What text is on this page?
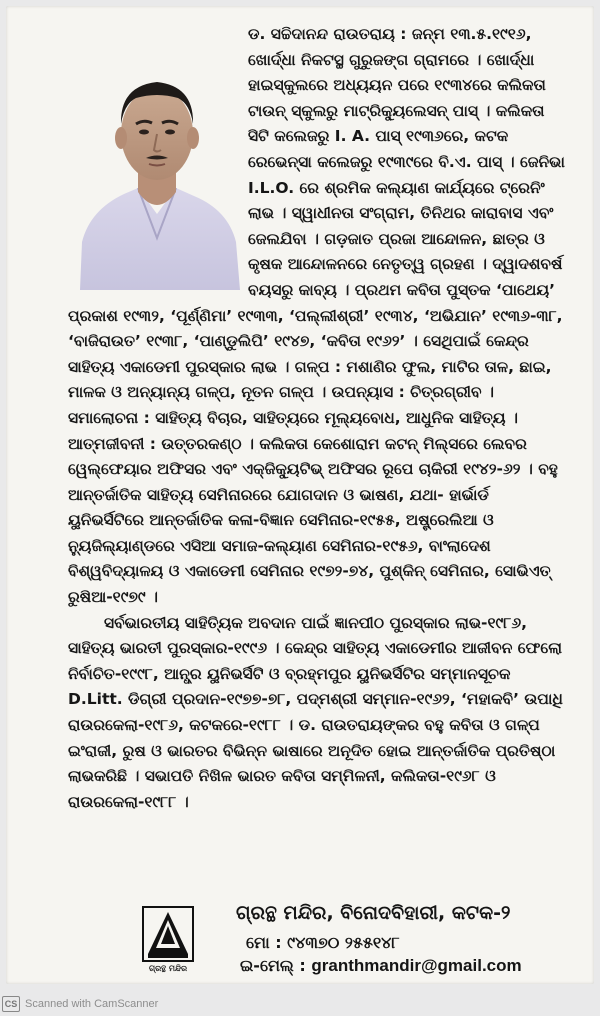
ଡ. ସଚ୍ଚିଦାନନ୍ଦ ରାଉତରାୟ : ଜନ୍ମ ୧୩.୫.୧୯୧୬, ଖୋର୍ଦ୍ଧା ନିକଟସ୍ଥ ଗୁରୁଜଙ୍ଗ ଗ୍ରାମରେ । ଖୋର୍ଦ୍ଧା ହାଇସ୍କୁଲରେ ଅଧ୍ୟୟନ ପରେ ୧୯୩୪ରେ କଲିକତା ଟାଉନ୍ ସ୍କୁଲରୁ ମାଟ୍ରିକ୍ୟୁଲେସନ୍ ପାସ୍ । କଲିକତା ସିଟି କଲେଜରୁ I. A. ପାସ୍ ୧୯୩୬ରେ, କଟକ ରେଭେନ୍ସା କଲେଜରୁ ୧୯୩୯ରେ ବି.ଏ. ପାସ୍ । ଜେନିଭା I.L.O. ରେ ଶ୍ରମିକ କଲ୍ୟାଣ କାର୍ଯ୍ୟରେ ଟ୍ରେନିଂ ଲାଭ । ସ୍ୱାଧୀନତା ସଂଗ୍ରାମ, ତିନିଥର କାରାବାସ ଏବଂ ଜେଲଯିବା । ଗଡ଼ଜାତ ପ୍ରଜା ଆନ୍ଦୋଳନ, ଛାତ୍ର ଓ କୃଷକ ଆନ୍ଦୋଳନରେ ନେତୃତ୍ୱ ଗ୍ରହଣ । ଦ୍ୱାଦଶବର୍ଷ ବୟସରୁ କାବ୍ୟ । ପ୍ରଥମ କବିତା ପୁସ୍ତକ ‘ପାଥେୟ’ ପ୍ରକାଶ ୧୯୩୨, ‘ପୂର୍ଣ୍ଣିମା’ ୧୯୩୩, ‘ପଲ୍ଲୀଶ୍ରୀ’ ୧୯୩୪, ‘ଅଭିଯାନ’ ୧୯୩୬-୩୮, ‘ବାଜିରାଉତ’ ୧୯୩୮, ‘ପାଣ୍ଡୁଲିପି’ ୧୯୪୭, ‘କବିତା ୧୯୬୨’ । ସେଥିପାଇଁ କେନ୍ଦ୍ର ସାହିତ୍ୟ ଏକାଡେମୀ ପୁରସ୍କାର ଲାଭ । ଗଳ୍ପ : ମଶାଣିର ଫୁଲ, ମାଟିର ତାଳ, ଛାଇ, ମାଳକ ଓ ଅନ୍ୟାନ୍ୟ ଗଳ୍ପ, ନୂତନ ଗଳ୍ପ । ଉପନ୍ୟାସ : ଚିତ୍ରଗ୍ରୀବ । ସମାଲୋଚନା : ସାହିତ୍ୟ ବିଚାର, ସାହିତ୍ୟରେ ମୂଲ୍ୟବୋଧ, ଆଧୁନିକ ସାହିତ୍ୟ । ଆତ୍ମଜୀବନୀ : ଉତ୍ତରକଣ୍ଠ । କଲିକତା କେଶୋରାମ କଟନ୍ ମିଲ୍ସରେ ଲେବର ୱେଲ୍ଫେୟାର ଅଫିସର ଏବଂ ଏକ୍ଜିକ୍ୟୁଟିଭ୍ ଅଫିସର ରୂପେ ଚାକିରୀ ୧୯୪୨-୬୨ । ବହୁ ଆନ୍ତର୍ଜାତିକ ସାହିତ୍ୟ ସେମିନାରରେ ଯୋଗଦାନ ଓ ଭାଷଣ, ଯଥା- ହାର୍ଭାର୍ଡ ୟୁନିଭର୍ସିଟିରେ ଆନ୍ତର୍ଜାତିକ କଳା-ବିଜ୍ଞାନ ସେମିନାର-୧୯୫୫, ଅଷ୍ଟ୍ରେଲିଆ ଓ ନ୍ୟୁଜିଲ୍ୟାଣ୍ଡରେ ଏସିଆ ସମାଜ-କଲ୍ୟାଣ ସେମିନାର-୧୯୫୬, ବାଂଲାଦେଶ ବିଶ୍ୱବିଦ୍ୟାଳୟ ଓ ଏକାଡେମୀ ସେମିନାର ୧୯୭୨-୭୪, ପୁଶ୍କିନ୍ ସେମିନାର, ସୋଭିଏତ୍ ରୁଷିଆ-୧୯୭୯ ।

ସର୍ବଭାରତୀୟ ସାହିତ୍ୟିକ ଅବଦାନ ପାଇଁ ଜ୍ଞାନପୀଠ ପୁରସ୍କାର ଲାଭ-୧୯୮୬, ସାହିତ୍ୟ ଭାରତୀ ପୁରସ୍କାର-୧୯୯୬ । କେନ୍ଦ୍ର ସାହିତ୍ୟ ଏକାଡେମୀର ଆଜୀବନ ଫେଲୋ ନିର୍ବାଚିତ-୧୯୯୮, ଆନ୍ଧ୍ର ୟୁନିଭର୍ସିଟି ଓ ବ୍ରହ୍ମପୁର ୟୁନିଭର୍ସିଟିର ସମ୍ମାନସୂଚକ D.Litt. ଡିଗ୍ରୀ ପ୍ରଦାନ-୧୯୭୭-୭୮, ପଦ୍ମଶ୍ରୀ ସମ୍ମାନ-୧୯୬୨, ‘ମହାକବି’ ଉପାଧି ରାଉରକେଲା-୧୯୮୬, କଟକରେ-୧୯୮୮ । ଡ. ରାଉତରାୟଙ୍କର ବହୁ କବିତା ଓ ଗଳ୍ପ ଇଂରାଜୀ, ରୁଷ ଓ ଭାରତର ବିଭିନ୍ନ ଭାଷାରେ ଅନୂଦିତ ହୋଇ ଆନ୍ତର୍ଜାତିକ ପ୍ରତିଷ୍ଠା ଲାଭକରିଛି । ସଭାପତି ନିଖିଳ ଭାରତ କବିତା ସମ୍ମିଳନୀ, କଲିକତା-୧୯୬୮ ଓ ରାଉରକେଲା-୧୯୮୮ ।

ଗ୍ରନ୍ଥ ମନ୍ଦିର
ଗ୍ରନ୍ଥ ମନ୍ଦିର, ବିନୋଦବିହାରୀ, କଟକ-୨
ମୋ : ୯୪୩୭୦ ୨୫୫୧୪୮
ଇ-ମେଲ୍ : granthmandir@gmail.com
CS Scanned with CamScanner
